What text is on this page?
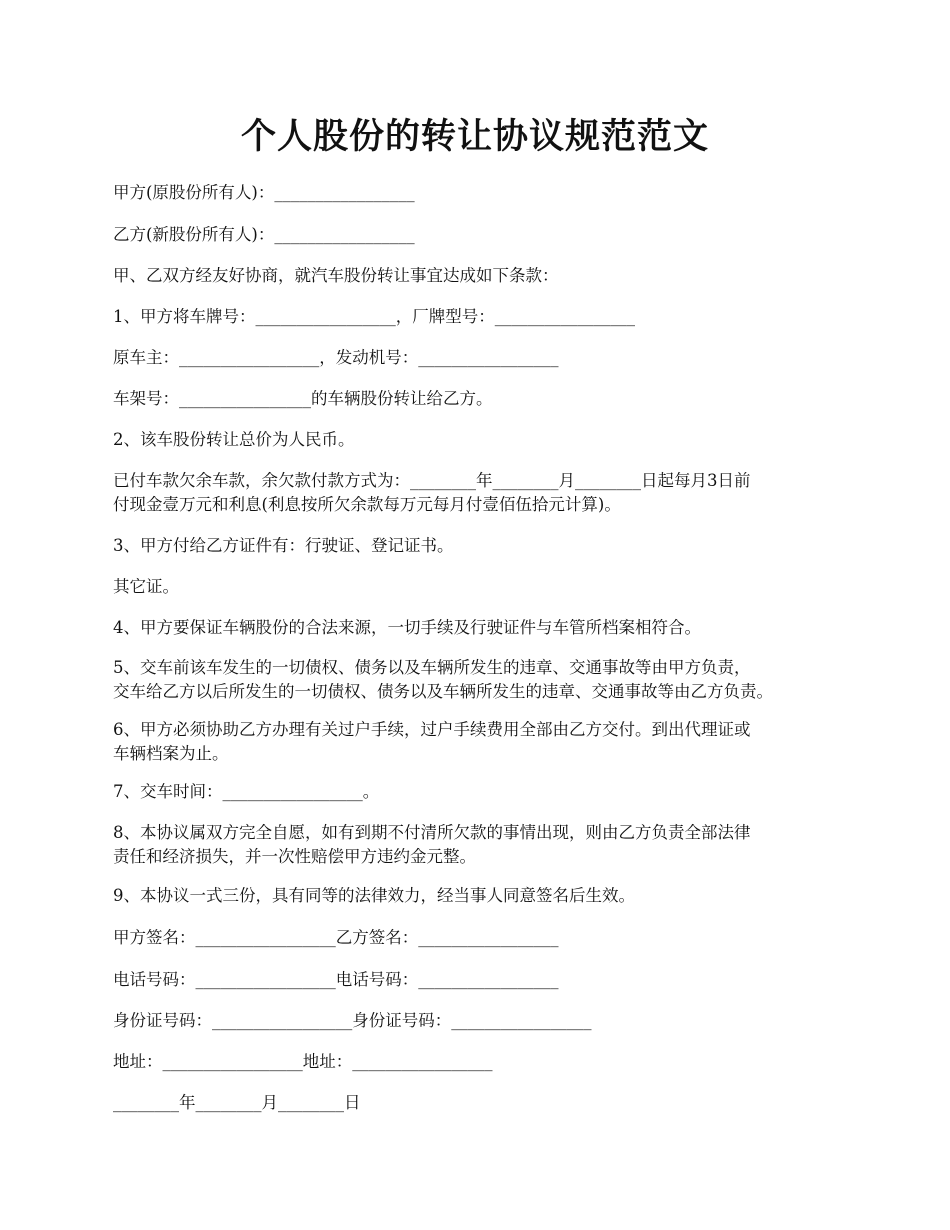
个人股份的转让协议规范范文
甲方(原股份所有人)：_________________
乙方(新股份所有人)：_________________
甲、乙双方经友好协商，就汽车股份转让事宜达成如下条款：
1、甲方将车牌号：_________________，厂牌型号：_________________
原车主：_________________，发动机号：_________________
车架号：________________的车辆股份转让给乙方。
2、该车股份转让总价为人民币。
已付车款欠余车款，余欠款付款方式为：________年________月________日起每月3日前
付现金壹万元和利息(利息按所欠余款每万元每月付壹佰伍拾元计算)。
3、甲方付给乙方证件有：行驶证、登记证书。
其它证。
4、甲方要保证车辆股份的合法来源，一切手续及行驶证件与车管所档案相符合。
5、交车前该车发生的一切债权、债务以及车辆所发生的违章、交通事故等由甲方负责，
交车给乙方以后所发生的一切债权、债务以及车辆所发生的违章、交通事故等由乙方负责。
6、甲方必须协助乙方办理有关过户手续，过户手续费用全部由乙方交付。到出代理证或
车辆档案为止。
7、交车时间：_________________。
8、本协议属双方完全自愿，如有到期不付清所欠款的事情出现，则由乙方负责全部法律
责任和经济损失，并一次性赔偿甲方违约金元整。
9、本协议一式三份，具有同等的法律效力，经当事人同意签名后生效。
甲方签名：_________________乙方签名：_________________
电话号码：_________________电话号码：_________________
身份证号码：_________________身份证号码：_________________
地址：_________________地址：_________________
________年________月________日
